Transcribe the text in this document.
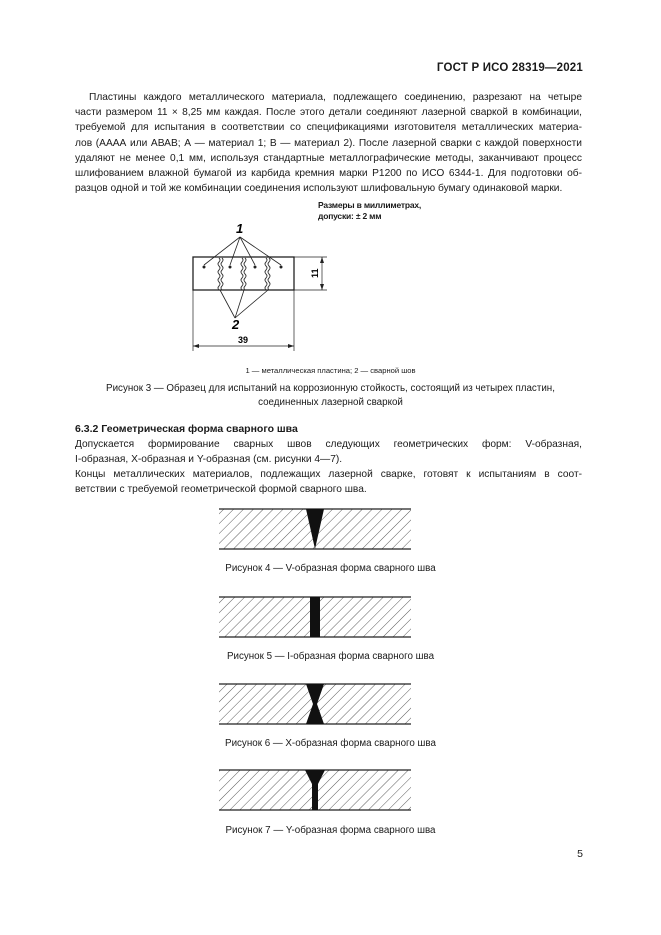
ГОСТ Р ИСО 28319—2021
Пластины каждого металлического материала, подлежащего соединению, разрезают на четыре
части размером 11 × 8,25 мм каждая. После этого детали соединяют лазерной сваркой в комбинации,
требуемой для испытания в соответствии со спецификациями изготовителя металлических материа-
лов (АААА или АВАВ; А — материал 1; В — материал 2). После лазерной сварки с каждой поверхности
удаляют не менее 0,1 мм, используя стандартные металлографические методы, заканчивают процесс
шлифованием влажной бумагой из карбида кремния марки Р1200 по ИСО 6344-1. Для подготовки об-
разцов одной и той же комбинации соединения используют шлифовальную бумагу одинаковой марки.
Размеры в миллиметрах,
допуски: ± 2 мм
1
2
11
39
1 — металлическая пластина; 2 — сварной шов
Рисунок 3 — Образец для испытаний на коррозионную стойкость, состоящий из четырех пластин,
соединенных лазерной сваркой
6.3.2 Геометрическая форма сварного шва
Допускается формирование сварных швов следующих геометрических форм: V-образная,
I-образная, X-образная и Y-образная (см. рисунки 4—7).
Концы металлических материалов, подлежащих лазерной сварке, готовят к испытаниям в соот-
ветствии с требуемой геометрической формой сварного шва.
Рисунок 4 — V-образная форма сварного шва
Рисунок 5 — I-образная форма сварного шва
Рисунок 6 — X-образная форма сварного шва
Рисунок 7 — Y-образная форма сварного шва
5
